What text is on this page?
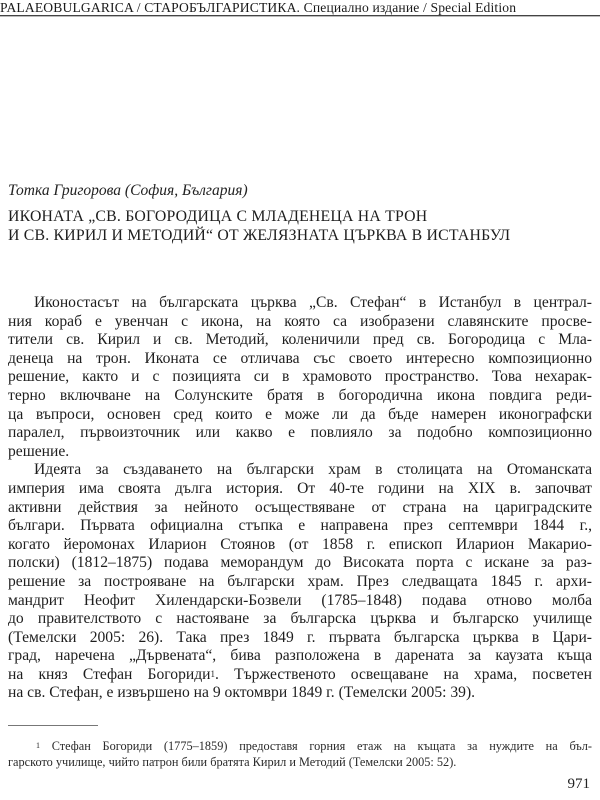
PALAEOBULGARICA / СТАРОБЪЛГАРИСТИКА. Специално издание / Special Edition
Тотка Григорова (София, България)
ИКОНАТА „СВ. БОГОРОДИЦА С МЛАДЕНЕЦА НА ТРОН
И СВ. КИРИЛ И МЕТОДИЙ“ ОТ ЖЕЛЯЗНАТА ЦЪРКВА В ИСТАНБУЛ

Иконостасът на българската църква „Св. Стефан“ в Истанбул в централ-
ния кораб е увенчан с икона, на която са изобразени славянските просве-
тители св. Кирил и св. Методий, коленичили пред св. Богородица с Мла-
денеца на трон. Иконата се отличава със своето интересно композиционно
решение, както и с позицията си в храмовото пространство. Това нехарак-
терно включване на Солунските братя в богородична икона повдига реди-
ца въпроси, основен сред които е може ли да бъде намерен иконографски
паралел, първоизточник или какво е повлияло за подобно композиционно
решение.

Идеята за създаването на български храм в столицата на Отоманската
империя има своята дълга история. От 40-те години на XIX в. започват
активни действия за нейното осъществяване от страна на цариградските
българи. Първата официална стъпка е направена през септември 1844 г.,
когато йеромонах Иларион Стоянов (от 1858 г. епископ Иларион Макарио-
полски) (1812–1875) подава меморандум до Високата порта с искане за раз-
решение за построяване на български храм. През следващата 1845 г. архи-
мандрит Неофит Хилендарски-Бозвели (1785–1848) подава отново молба
до правителството с настояване за българска църква и българско училище
(Темелски 2005: 26). Така през 1849 г. първата българска църква в Цари-
град, наречена „Дървената“, бива разположена в дарената за каузата къща
на княз Стефан Богориди$^1$. Тържественото освещаване на храма, посветен
на св. Стефан, е извършено на 9 октомври 1849 г. (Темелски 2005: 39).

$^1$ Стефан Богориди (1775–1859) предоставя горния етаж на къщата за нуждите на бъл-
гарското училище, чийто патрон били братята Кирил и Методий (Темелски 2005: 52).
971
